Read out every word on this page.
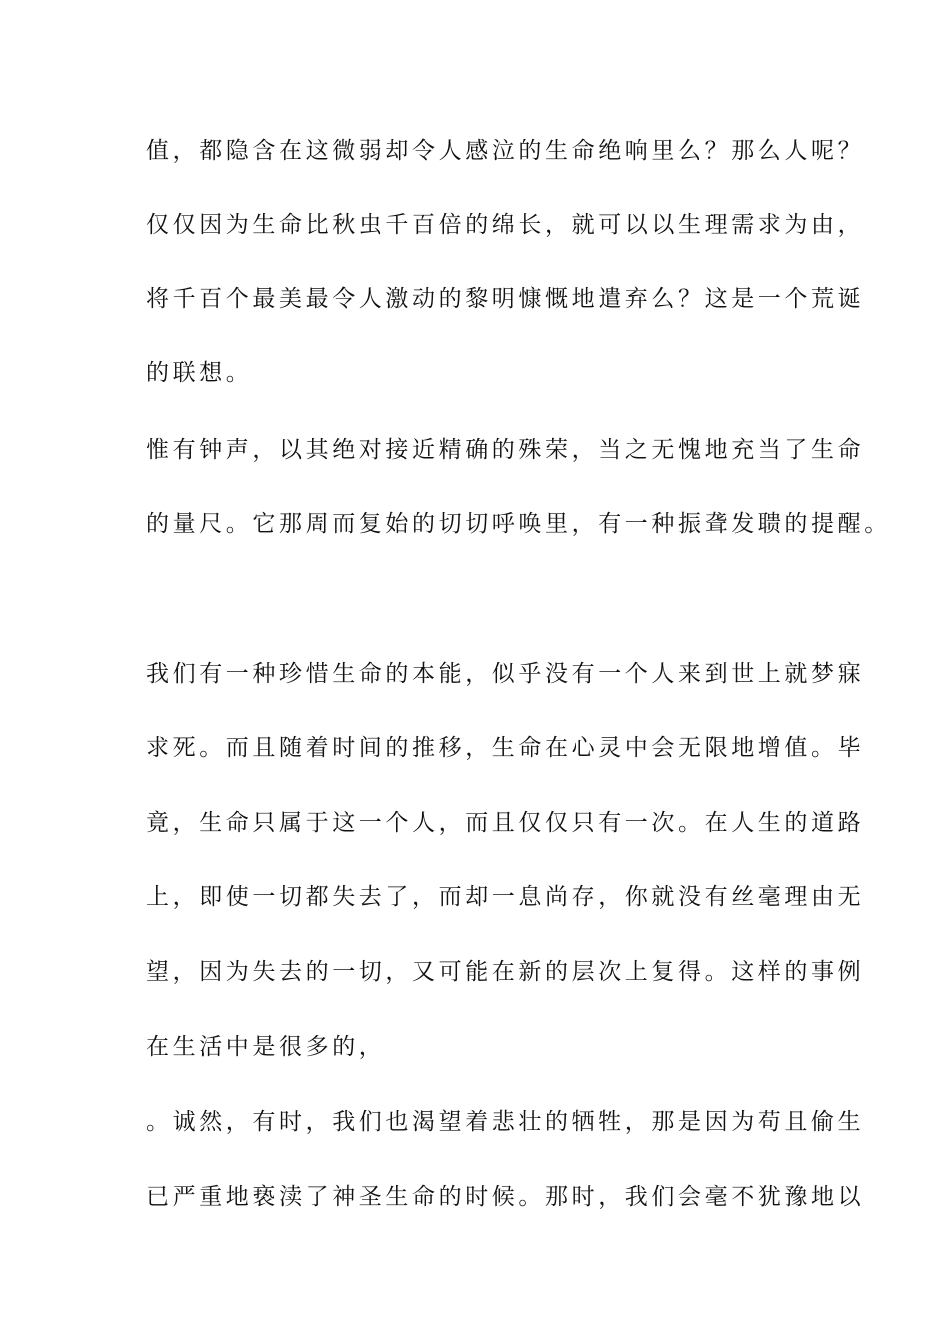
值，都隐含在这微弱却令人感泣的生命绝响里么？那么人呢？
仅仅因为生命比秋虫千百倍的绵长，就可以以生理需求为由，
将千百个最美最令人激动的黎明慷慨地遣弃么？这是一个荒诞
的联想。
惟有钟声，以其绝对接近精确的殊荣，当之无愧地充当了生命
的量尺。它那周而复始的切切呼唤里，有一种振聋发聩的提醒。
我们有一种珍惜生命的本能，似乎没有一个人来到世上就梦寐
求死。而且随着时间的推移，生命在心灵中会无限地增值。毕
竟，生命只属于这一个人，而且仅仅只有一次。在人生的道路
上，即使一切都失去了，而却一息尚存，你就没有丝毫理由无
望，因为失去的一切，又可能在新的层次上复得。这样的事例
在生活中是很多的，
。诚然，有时，我们也渴望着悲壮的牺牲，那是因为苟且偷生
已严重地亵渎了神圣生命的时候。那时，我们会毫不犹豫地以
